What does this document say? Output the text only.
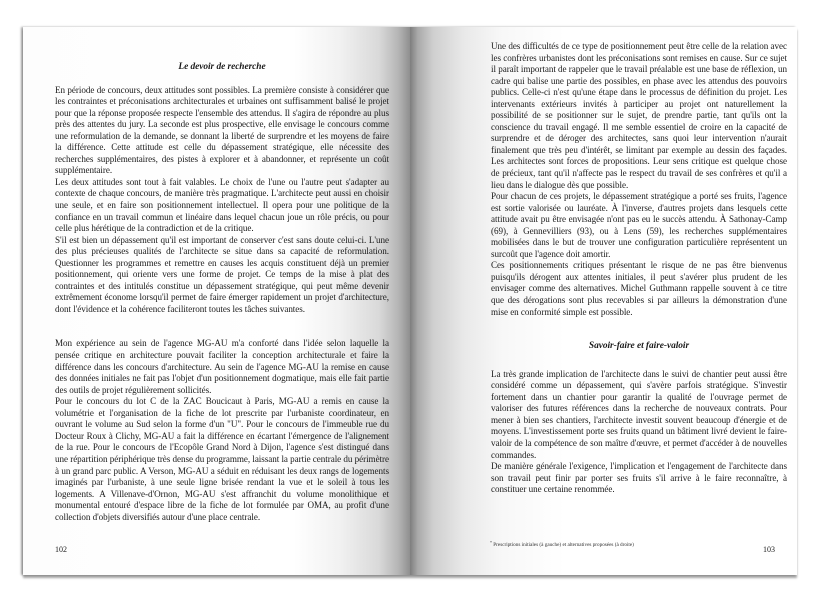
Le devoir de recherche

En période de concours, deux attitudes sont possibles. La première consiste à considérer que les contraintes et préconisations architecturales et urbaines ont suffisamment balisé le projet pour que la réponse proposée respecte l'ensemble des attendus. Il s'agira de répondre au plus près des attentes du jury. La seconde est plus prospective, elle envisage le concours comme une reformulation de la demande, se donnant la liberté de surprendre et les moyens de faire la différence. Cette attitude est celle du dépassement stratégique, elle nécessite des recherches supplémentaires, des pistes à explorer et à abandonner, et représente un coût supplémentaire.

Les deux attitudes sont tout à fait valables. Le choix de l'une ou l'autre peut s'adapter au contexte de chaque concours, de manière très pragmatique. L'architecte peut aussi en choisir une seule, et en faire son positionnement intellectuel. Il opera pour une politique de la confiance en un travail commun et linéaire dans lequel chacun joue un rôle précis, ou pour celle plus hérétique de la contradiction et de la critique.

S'il est bien un dépassement qu'il est important de conserver c'est sans doute celui-ci. L'une des plus précieuses qualités de l'architecte se situe dans sa capacité de reformulation. Questionner les programmes et remettre en causes les acquis constituent déjà un premier positionnement, qui oriente vers une forme de projet. Ce temps de la mise à plat des contraintes et des intitulés constitue un dépassement stratégique, qui peut même devenir extrêmement économe lorsqu'il permet de faire émerger rapidement un projet d'architecture, dont l'évidence et la cohérence faciliteront toutes les tâches suivantes.

Mon expérience au sein de l'agence MG-AU m'a conforté dans l'idée selon laquelle la pensée critique en architecture pouvait faciliter la conception architecturale et faire la différence dans les concours d'architecture. Au sein de l'agence MG-AU la remise en cause des données initiales ne fait pas l'objet d'un positionnement dogmatique, mais elle fait partie des outils de projet régulièrement sollicités.

Pour le concours du lot C de la ZAC Boucicaut à Paris, MG-AU a remis en cause la volumétrie et l'organisation de la fiche de lot prescrite par l'urbaniste coordinateur, en ouvrant le volume au Sud selon la forme d'un "U". Pour le concours de l'immeuble rue du Docteur Roux à Clichy, MG-AU a fait la différence en écartant l'émergence de l'alignement de la rue. Pour le concours de l'Ecopôle Grand Nord à Dijon, l'agence s'est distingué dans une répartition périphérique très dense du programme, laissant la partie centrale du périmètre à un grand parc public. A Verson, MG-AU a séduit en réduisant les deux rangs de logements imaginés par l'urbaniste, à une seule ligne brisée rendant la vue et le soleil à tous les logements. A Villenave-d'Ornon, MG-AU s'est affranchit du volume monolithique et monumental entouré d'espace libre de la fiche de lot formulée par OMA, au profit d'une collection d'objets diversifiés autour d'une place centrale.

102

Une des difficultés de ce type de positionnement peut être celle de la relation avec les confrères urbanistes dont les préconisations sont remises en cause. Sur ce sujet il paraît important de rappeler que le travail préalable est une base de réflexion, un cadre qui balise une partie des possibles, en phase avec les attendus des pouvoirs publics. Celle-ci n'est qu'une étape dans le processus de définition du projet. Les intervenants extérieurs invités à participer au projet ont naturellement la possibilité de se positionner sur le sujet, de prendre partie, tant qu'ils ont la conscience du travail engagé. Il me semble essentiel de croire en la capacité de surprendre et de déroger des architectes, sans quoi leur intervention n'aurait finalement que très peu d'intérêt, se limitant par exemple au dessin des façades. Les architectes sont forces de propositions. Leur sens critique est quelque chose de précieux, tant qu'il n'affecte pas le respect du travail de ses confrères et qu'il a lieu dans le dialogue dès que possible.

Pour chacun de ces projets, le dépassement stratégique a porté ses fruits, l'agence est sortie valorisée ou lauréate. À l'inverse, d'autres projets dans lesquels cette attitude avait pu être envisagée n'ont pas eu le succès attendu. À Sathonay-Camp (69), à Gennevilliers (93), ou à Lens (59), les recherches supplémentaires mobilisées dans le but de trouver une configuration particulière représentent un surcoût que l'agence doit amortir.

Ces positionnements critiques présentant le risque de ne pas être bienvenus puisqu'ils dérogent aux attentes initiales, il peut s'avérer plus prudent de les envisager comme des alternatives. Michel Guthmann rappelle souvent à ce titre que des dérogations sont plus recevables si par ailleurs la démonstration d'une mise en conformité simple est possible.

Savoir-faire et faire-valoir

La très grande implication de l'architecte dans le suivi de chantier peut aussi être considéré comme un dépassement, qui s'avère parfois stratégique. S'investir fortement dans un chantier pour garantir la qualité de l'ouvrage permet de valoriser des futures références dans la recherche de nouveaux contrats. Pour mener à bien ses chantiers, l'architecte investit souvent beaucoup d'énergie et de moyens. L'investissement porte ses fruits quand un bâtiment livré devient le faire-valoir de la compétence de son maître d'œuvre, et permet d'accéder à de nouvelles commandes.

De manière générale l'exigence, l'implication et l'engagement de l'architecte dans son travail peut finir par porter ses fruits s'il arrive à le faire reconnaître, à constituer une certaine renommée.

* Prescriptions initiales (à gauche) et alternatives proposées (à droite)	103
